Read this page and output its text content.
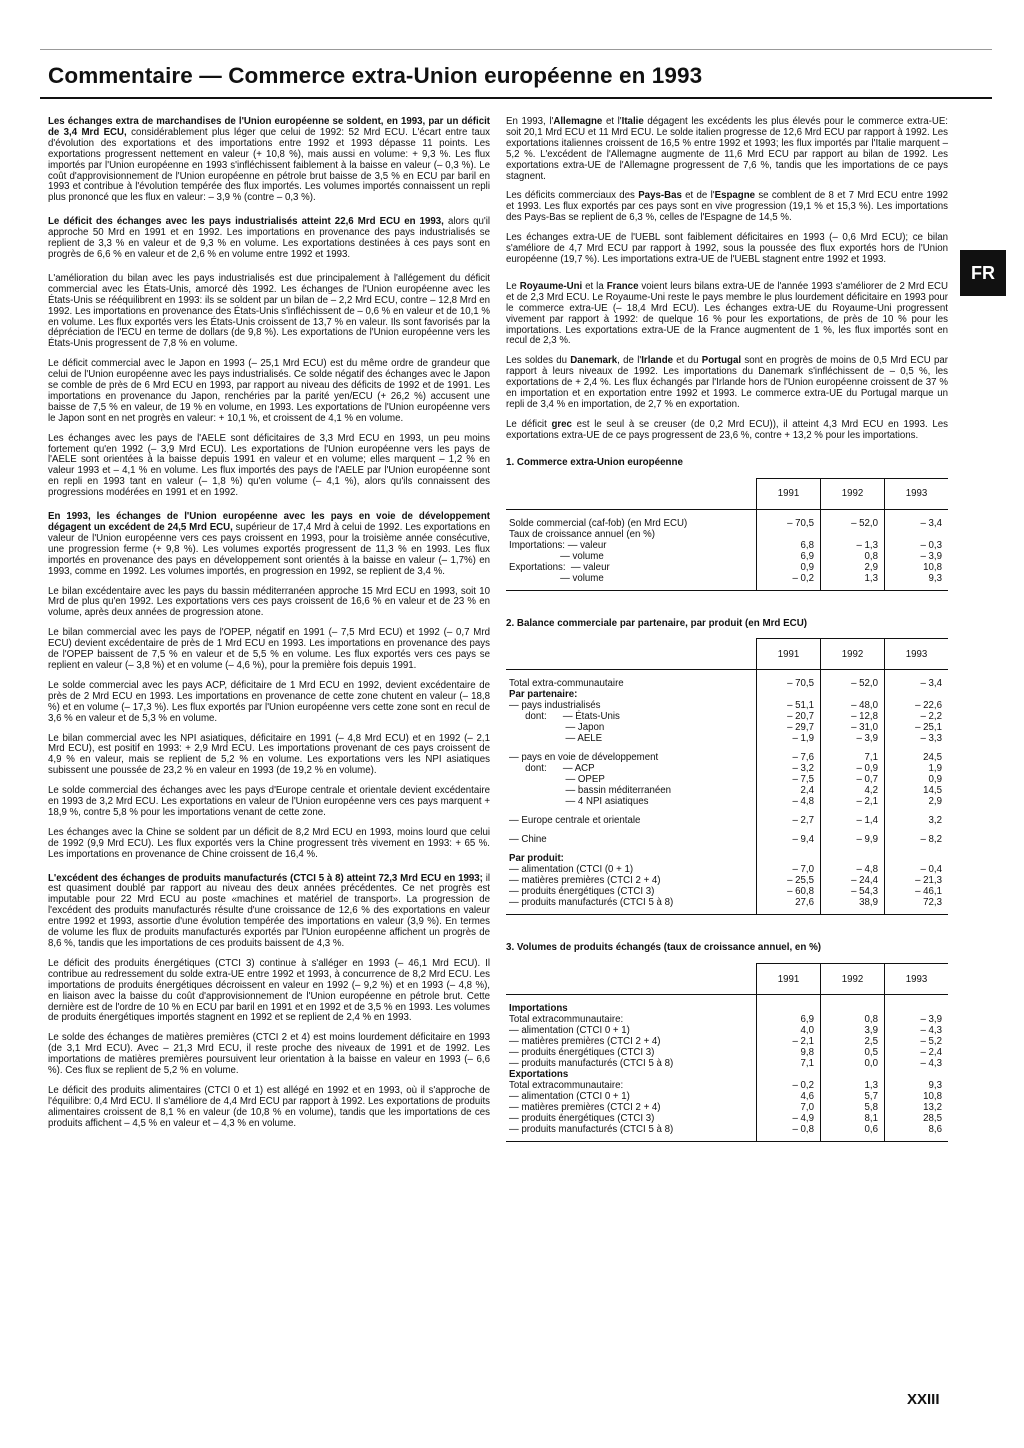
Commentaire — Commerce extra-Union européenne en 1993

Les échanges extra de marchandises de l'Union européenne se soldent, en 1993, par un déficit de 3,4 Mrd ECU, considérablement plus léger que celui de 1992: 52 Mrd ECU. L'écart entre taux d'évolution des exportations et des importations entre 1992 et 1993 dépasse 11 points. Les exportations progressent nettement en valeur (+ 10,8 %), mais aussi en volume: + 9,3 %. Les flux importés par l'Union européenne en 1993 s'infléchissent faiblement à la baisse en valeur (– 0,3 %). Le coût d'approvisionnement de l'Union européenne en pétrole brut baisse de 3,5 % en ECU par baril en 1993 et contribue à l'évolution tempérée des flux importés. Les volumes importés connaissent un repli plus prononcé que les flux en valeur: – 3,9 % (contre – 0,3 %).

Le déficit des échanges avec les pays industrialisés atteint 22,6 Mrd ECU en 1993, alors qu'il approche 50 Mrd en 1991 et en 1992. Les importations en provenance des pays industrialisés se replient de 3,3 % en valeur et de 9,3 % en volume. Les exportations destinées à ces pays sont en progrès de 6,6 % en valeur et de 2,6 % en volume entre 1992 et 1993.

L'amélioration du bilan avec les pays industrialisés est due principalement à l'allégement du déficit commercial avec les États-Unis, amorcé dès 1992. Les échanges de l'Union européenne avec les États-Unis se rééquilibrent en 1993: ils se soldent par un bilan de – 2,2 Mrd ECU, contre – 12,8 Mrd en 1992. Les importations en provenance des États-Unis s'infléchissent de – 0,6 % en valeur et de 10,1 % en volume. Les flux exportés vers les États-Unis croissent de 13,7 % en valeur. Ils sont favorisés par la dépréciation de l'ECU en terme de dollars (de 9,8 %). Les exportations de l'Union européenne vers les États-Unis progressent de 7,8 % en volume.

Le déficit commercial avec le Japon en 1993 (– 25,1 Mrd ECU) est du même ordre de grandeur que celui de l'Union européenne avec les pays industrialisés. Ce solde négatif des échanges avec le Japon se comble de près de 6 Mrd ECU en 1993, par rapport au niveau des déficits de 1992 et de 1991. Les importations en provenance du Japon, renchéries par la parité yen/ECU (+ 26,2 %) accusent une baisse de 7,5 % en valeur, de 19 % en volume, en 1993. Les exportations de l'Union européenne vers le Japon sont en net progrès en valeur: + 10,1 %, et croissent de 4,1 % en volume.

Les échanges avec les pays de l'AELE sont déficitaires de 3,3 Mrd ECU en 1993, un peu moins fortement qu'en 1992 (– 3,9 Mrd ECU). Les exportations de l'Union européenne vers les pays de l'AELE sont orientées à la baisse depuis 1991 en valeur et en volume; elles marquent – 1,2 % en valeur 1993 et – 4,1 % en volume. Les flux importés des pays de l'AELE par l'Union européenne sont en repli en 1993 tant en valeur (– 1,8 %) qu'en volume (– 4,1 %), alors qu'ils connaissent des progressions modérées en 1991 et en 1992.

En 1993, les échanges de l'Union européenne avec les pays en voie de développement dégagent un excédent de 24,5 Mrd ECU, supérieur de 17,4 Mrd à celui de 1992. Les exportations en valeur de l'Union européenne vers ces pays croissent en 1993, pour la troisième année consécutive, une progression ferme (+ 9,8 %). Les volumes exportés progressent de 11,3 % en 1993. Les flux importés en provenance des pays en développement sont orientés à la baisse en valeur (– 1,7%) en 1993, comme en 1992. Les volumes importés, en progression en 1992, se replient de 3,4 %.

Le bilan excédentaire avec les pays du bassin méditerranéen approche 15 Mrd ECU en 1993, soit 10 Mrd de plus qu'en 1992. Les exportations vers ces pays croissent de 16,6 % en valeur et de 23 % en volume, après deux années de progression atone.

Le bilan commercial avec les pays de l'OPEP, négatif en 1991 (– 7,5 Mrd ECU) et 1992 (– 0,7 Mrd ECU) devient excédentaire de près de 1 Mrd ECU en 1993. Les importations en provenance des pays de l'OPEP baissent de 7,5 % en valeur et de 5,5 % en volume. Les flux exportés vers ces pays se replient en valeur (– 3,8 %) et en volume (– 4,6 %), pour la première fois depuis 1991.

Le solde commercial avec les pays ACP, déficitaire de 1 Mrd ECU en 1992, devient excédentaire de près de 2 Mrd ECU en 1993. Les importations en provenance de cette zone chutent en valeur (– 18,8 %) et en volume (– 17,3 %). Les flux exportés par l'Union européenne vers cette zone sont en recul de 3,6 % en valeur et de 5,3 % en volume.

Le bilan commercial avec les NPI asiatiques, déficitaire en 1991 (– 4,8 Mrd ECU) et en 1992 (– 2,1 Mrd ECU), est positif en 1993: + 2,9 Mrd ECU. Les importations provenant de ces pays croissent de 4,9 % en valeur, mais se replient de 5,2 % en volume. Les exportations vers les NPI asiatiques subissent une poussée de 23,2 % en valeur en 1993 (de 19,2 % en volume).

Le solde commercial des échanges avec les pays d'Europe centrale et orientale devient excédentaire en 1993 de 3,2 Mrd ECU. Les exportations en valeur de l'Union européenne vers ces pays marquent + 18,9 %, contre 5,8 % pour les importations venant de cette zone.

Les échanges avec la Chine se soldent par un déficit de 8,2 Mrd ECU en 1993, moins lourd que celui de 1992 (9,9 Mrd ECU). Les flux exportés vers la Chine progressent très vivement en 1993: + 65 %. Les importations en provenance de Chine croissent de 16,4 %.

L'excédent des échanges de produits manufacturés (CTCI 5 à 8) atteint 72,3 Mrd ECU en 1993; il est quasiment doublé par rapport au niveau des deux années précédentes. Ce net progrès est imputable pour 22 Mrd ECU au poste «machines et matériel de transport». La progression de l'excédent des produits manufacturés résulte d'une croissance de 12,6 % des exportations en valeur entre 1992 et 1993, assortie d'une évolution tempérée des importations en valeur (3,9 %). En termes de volume les flux de produits manufacturés exportés par l'Union européenne affichent un progrès de 8,6 %, tandis que les importations de ces produits baissent de 4,3 %.

Le déficit des produits énergétiques (CTCI 3) continue à s'alléger en 1993 (– 46,1 Mrd ECU). Il contribue au redressement du solde extra-UE entre 1992 et 1993, à concurrence de 8,2 Mrd ECU. Les importations de produits énergétiques décroissent en valeur en 1992 (– 9,2 %) et en 1993 (– 4,8 %), en liaison avec la baisse du coût d'approvisionnement de l'Union européenne en pétrole brut. Cette dernière est de l'ordre de 10 % en ECU par baril en 1991 et en 1992 et de 3,5 % en 1993. Les volumes de produits énergétiques importés stagnent en 1992 et se replient de 2,4 % en 1993.

Le solde des échanges de matières premières (CTCI 2 et 4) est moins lourdement déficitaire en 1993 (de 3,1 Mrd ECU). Avec – 21,3 Mrd ECU, il reste proche des niveaux de 1991 et de 1992. Les importations de matières premières poursuivent leur orientation à la baisse en valeur en 1993 (– 6,6 %). Ces flux se replient de 5,2 % en volume.

Le déficit des produits alimentaires (CTCI 0 et 1) est allégé en 1992 et en 1993, où il s'approche de l'équilibre: 0,4 Mrd ECU. Il s'améliore de 4,4 Mrd ECU par rapport à 1992. Les exportations de produits alimentaires croissent de 8,1 % en valeur (de 10,8 % en volume), tandis que les importations de ces produits affichent – 4,5 % en valeur et – 4,3 % en volume.

En 1993, l'Allemagne et l'Italie dégagent les excédents les plus élevés pour le commerce extra-UE: soit 20,1 Mrd ECU et 11 Mrd ECU. Le solde italien progresse de 12,6 Mrd ECU par rapport à 1992. Les exportations italiennes croissent de 16,5 % entre 1992 et 1993; les flux importés par l'Italie marquent – 5,2 %. L'excédent de l'Allemagne augmente de 11,6 Mrd ECU par rapport au bilan de 1992. Les exportations extra-UE de l'Allemagne progressent de 7,6 %, tandis que les importations de ce pays stagnent.

Les déficits commerciaux des Pays-Bas et de l'Espagne se comblent de 8 et 7 Mrd ECU entre 1992 et 1993. Les flux exportés par ces pays sont en vive progression (19,1 % et 15,3 %). Les importations des Pays-Bas se replient de 6,3 %, celles de l'Espagne de 14,5 %.

Les échanges extra-UE de l'UEBL sont faiblement déficitaires en 1993 (– 0,6 Mrd ECU); ce bilan s'améliore de 4,7 Mrd ECU par rapport à 1992, sous la poussée des flux exportés hors de l'Union européenne (19,7 %). Les importations extra-UE de l'UEBL stagnent entre 1992 et 1993.

Le Royaume-Uni et la France voient leurs bilans extra-UE de l'année 1993 s'améliorer de 2 Mrd ECU et de 2,3 Mrd ECU. Le Royaume-Uni reste le pays membre le plus lourdement déficitaire en 1993 pour le commerce extra-UE (– 18,4 Mrd ECU). Les échanges extra-UE du Royaume-Uni progressent vivement par rapport à 1992: de quelque 16 % pour les exportations, de près de 10 % pour les importations. Les exportations extra-UE de la France augmentent de 1 %, les flux importés sont en recul de 2,3 %.

Les soldes du Danemark, de l'Irlande et du Portugal sont en progrès de moins de 0,5 Mrd ECU par rapport à leurs niveaux de 1992. Les importations du Danemark s'infléchissent de – 0,5 %, les exportations de + 2,4 %. Les flux échangés par l'Irlande hors de l'Union européenne croissent de 37 % en importation et en exportation entre 1992 et 1993. Le commerce extra-UE du Portugal marque un repli de 3,4 % en importation, de 2,7 % en exportation.

Le déficit grec est le seul à se creuser (de 0,2 Mrd ECU)), il atteint 4,3 Mrd ECU en 1993. Les exportations extra-UE de ce pays progressent de 23,6 %, contre + 13,2 % pour les importations.

1. Commerce extra-Union européenne
	1991	1992	1993

Solde commercial (caf-fob) (en Mrd ECU)	– 70,5	– 52,0	– 3,4
Taux de croissance annuel (en %)			
Importations: — valeur	6,8	– 1,3	– 0,3
— volume	6,9	0,8	– 3,9
Exportations:  — valeur	0,9	2,9	10,8
— volume	– 0,2	1,3	9,3
2. Balance commerciale par partenaire, par produit (en Mrd ECU)
	1991	1992	1993

Total extra-communautaire	– 70,5	– 52,0	– 3,4
Par partenaire:			
— pays industrialisés	– 51,1	– 48,0	– 22,6
dont:      — États-Unis	– 20,7	– 12,8	– 2,2
— Japon	– 29,7	– 31,0	– 25,1
— AELE	– 1,9	– 3,9	– 3,3

— pays en voie de développement	– 7,6	7,1	24,5
dont:      — ACP	– 3,2	– 0,9	1,9
— OPEP	– 7,5	– 0,7	0,9
— bassin méditerranéen	2,4	4,2	14,5
— 4 NPI asiatiques	– 4,8	– 2,1	2,9

— Europe centrale et orientale	– 2,7	– 1,4	3,2

— Chine	– 9,4	– 9,9	– 8,2

Par produit:			
— alimentation (CTCI (0 + 1)	– 7,0	– 4,8	– 0,4
— matières premières (CTCI 2 + 4)	– 25,5	– 24,4	– 21,3
— produits énergétiques (CTCI 3)	– 60,8	– 54,3	– 46,1
— produits manufacturés (CTCI 5 à 8)	27,6	38,9	72,3
3. Volumes de produits échangés (taux de croissance annuel, en %)
	1991	1992	1993

Importations			
Total extracommunautaire:	6,9	0,8	– 3,9
— alimentation (CTCI 0 + 1)	4,0	3,9	– 4,3
— matières premières (CTCI 2 + 4)	– 2,1	2,5	– 5,2
— produits énergétiques (CTCI 3)	9,8	0,5	– 2,4
— produits manufacturés (CTCI 5 à 8)	7,1	0,0	– 4,3
Exportations			
Total extracommunautaire:	– 0,2	1,3	9,3
— alimentation (CTCI 0 + 1)	4,6	5,7	10,8
— matières premières (CTCI 2 + 4)	7,0	5,8	13,2
— produits énergétiques (CTCI 3)	– 4,9	8,1	28,5
— produits manufacturés (CTCI 5 à 8)	– 0,8	0,6	8,6
FR
XXIII
